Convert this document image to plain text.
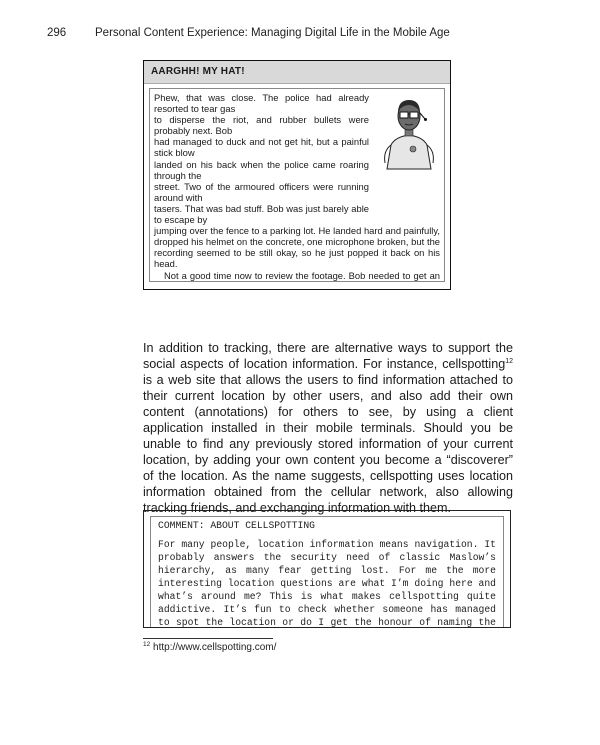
296	Personal Content Experience: Managing Digital Life in the Mobile Age
AARGHH! MY HAT!

Phew, that was close. The police had already resorted to tear gas
to disperse the riot, and rubber bullets were probably next. Bob
had managed to duck and not get hit, but a painful stick blow
landed on his back when the police came roaring through the
street. Two of the armoured officers were running around with
tasers. That was bad stuff. Bob was just barely able to escape by
jumping over the fence to a parking lot. He landed hard and painfully, dropped his helmet on the concrete, one microphone broken, but the recording seemed to be still okay, so he just popped it back on his head.

Not a good time now to review the footage. Bob needed to get an

In addition to tracking, there are alternative ways to support the social aspects of location information. For instance, cellspotting$^{12}$ is a web site that allows the users to find information attached to their current location by other users, and also add their own content (annotations) for others to see, by using a client application installed in their mobile terminals. Should you be unable to find any previously stored information of your current location, by adding your own content you become a “discoverer” of the location. As the name suggests, cellspotting uses location information obtained from the cellular network, also allowing tracking friends, and exchanging information with them.

COMMENT: ABOUT CELLSPOTTING
For many people, location information means navigation. It probably answers the security need of classic Maslow’s hierarchy, as many fear getting lost. For me the more interesting location questions are what I’m doing here and what’s around me? This is what makes cellspotting quite addictive. It’s fun to check whether someone has managed to spot the location or do I get the honour of naming the
$^{12}$ http://www.cellspotting.com/
